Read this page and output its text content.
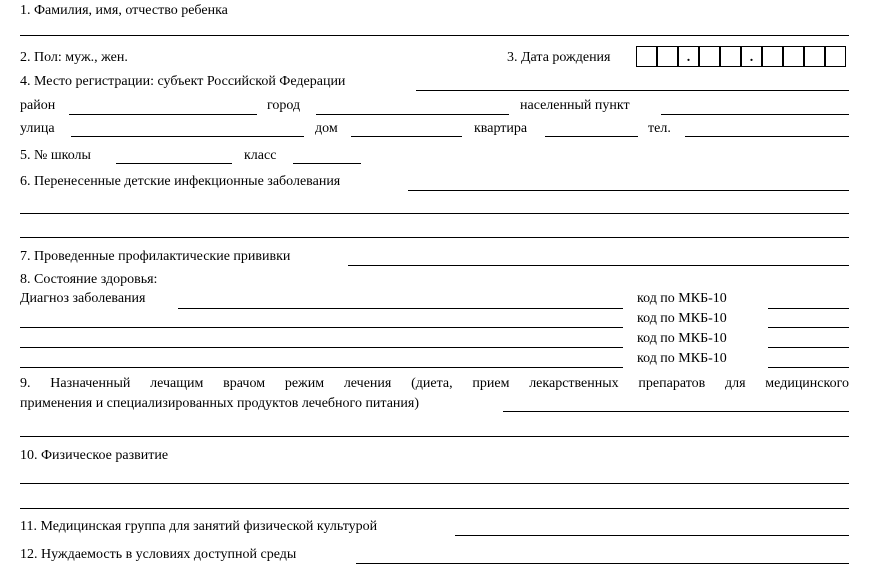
1. Фамилия, имя, отчество ребенка
2. Пол: муж., жен.	3. Дата рождения	.	.
4. Место регистрации: субъект Российской Федерации
район	город	населенный пункт
улица	дом	квартира	тел.
5. № школы	класс
6. Перенесенные детские инфекционные заболевания
7. Проведенные профилактические прививки
8. Состояние здоровья:
Диагноз заболевания	код по МКБ-10
код по МКБ-10
код по МКБ-10
код по МКБ-10
9. Назначенный лечащим врачом режим лечения (диета, прием лекарственных препаратов для медицинского
применения и специализированных продуктов лечебного питания)
10. Физическое развитие
11. Медицинская группа для занятий физической культурой
12. Нуждаемость в условиях доступной среды
